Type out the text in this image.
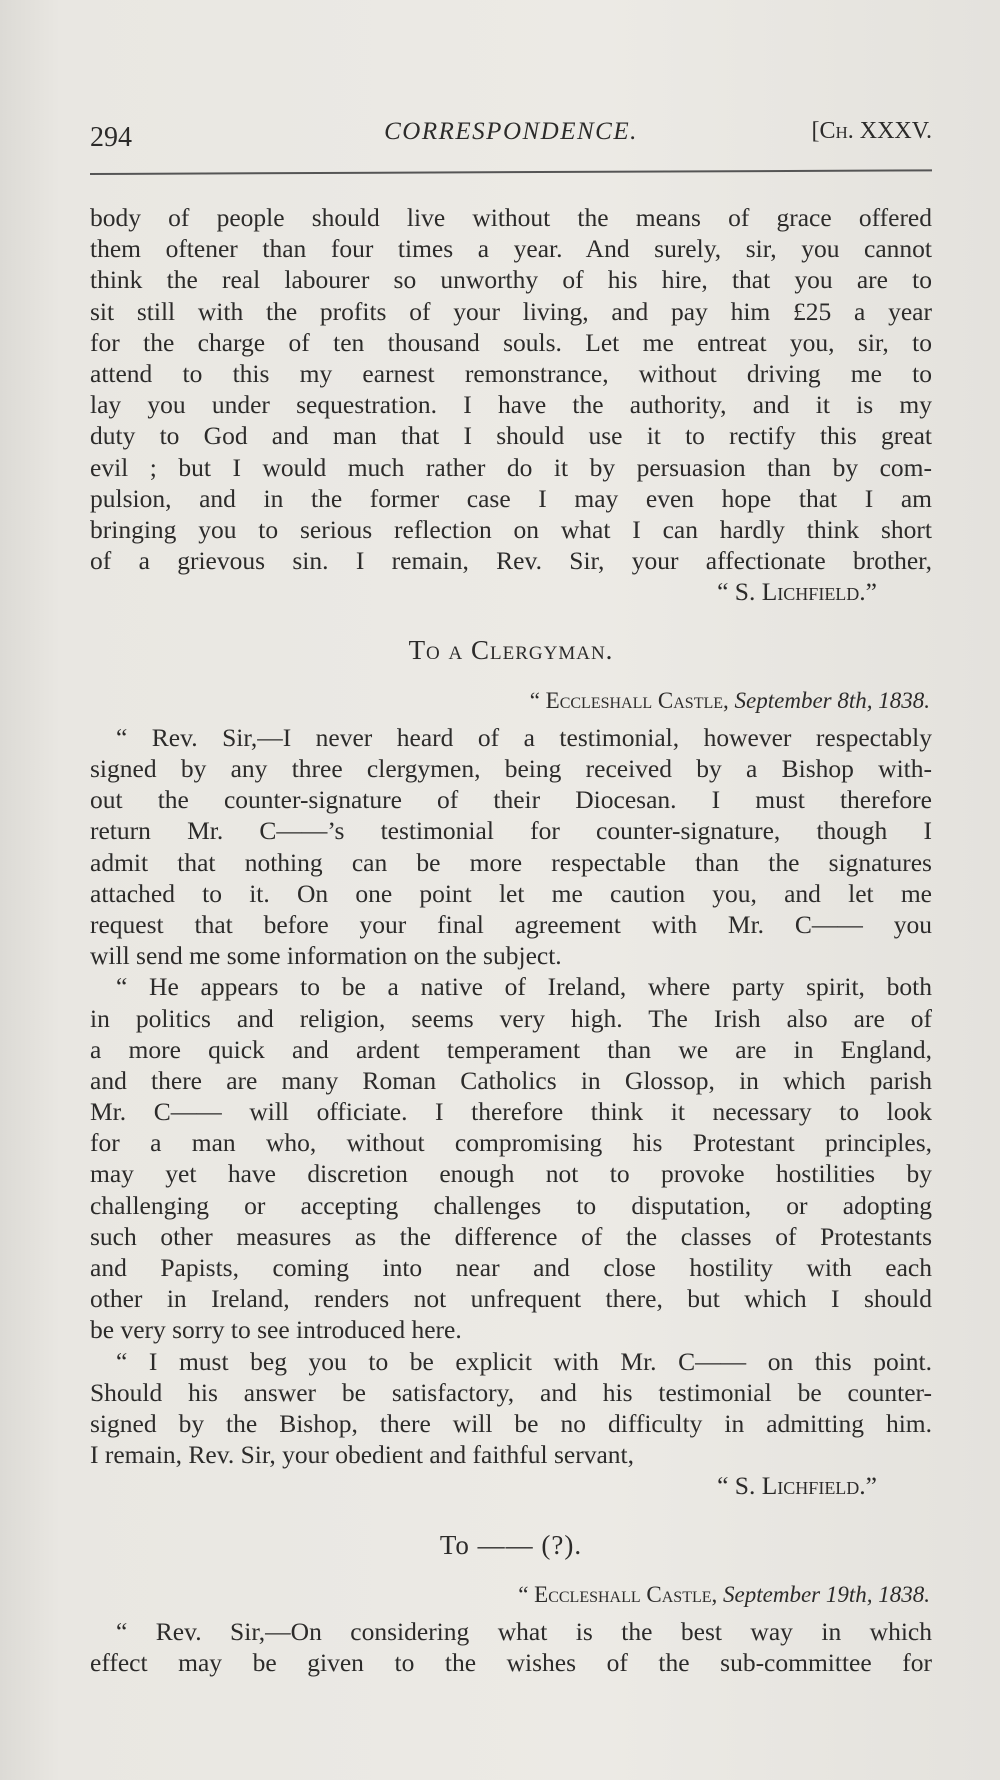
294	CORRESPONDENCE.	[Ch. XXXV.
body of people should live without the means of grace offered
them oftener than four times a year. And surely, sir, you cannot
think the real labourer so unworthy of his hire, that you are to
sit still with the profits of your living, and pay him £25 a year
for the charge of ten thousand souls. Let me entreat you, sir, to
attend to this my earnest remonstrance, without driving me to
lay you under sequestration. I have the authority, and it is my
duty to God and man that I should use it to rectify this great
evil ; but I would much rather do it by persuasion than by com-
pulsion, and in the former case I may even hope that I am
bringing you to serious reflection on what I can hardly think short
of a grievous sin. I remain, Rev. Sir, your affectionate brother,
“ S. Lichfield.”
To a Clergyman.
“ Eccleshall Castle, September 8th, 1838.
“ Rev. Sir,—I never heard of a testimonial, however respectably
signed by any three clergymen, being received by a Bishop with-
out the counter-signature of their Diocesan. I must therefore
return Mr. C——’s testimonial for counter-signature, though I
admit that nothing can be more respectable than the signatures
attached to it. On one point let me caution you, and let me
request that before your final agreement with Mr. C—— you
will send me some information on the subject.
“ He appears to be a native of Ireland, where party spirit, both
in politics and religion, seems very high. The Irish also are of
a more quick and ardent temperament than we are in England,
and there are many Roman Catholics in Glossop, in which parish
Mr. C—— will officiate. I therefore think it necessary to look
for a man who, without compromising his Protestant principles,
may yet have discretion enough not to provoke hostilities by
challenging or accepting challenges to disputation, or adopting
such other measures as the difference of the classes of Protestants
and Papists, coming into near and close hostility with each
other in Ireland, renders not unfrequent there, but which I should
be very sorry to see introduced here.
“ I must beg you to be explicit with Mr. C—— on this point.
Should his answer be satisfactory, and his testimonial be counter-
signed by the Bishop, there will be no difficulty in admitting him.
I remain, Rev. Sir, your obedient and faithful servant,
“ S. Lichfield.”
To —— (?).
“ Eccleshall Castle, September 19th, 1838.
“ Rev. Sir,—On considering what is the best way in which
effect may be given to the wishes of the sub-committee for
